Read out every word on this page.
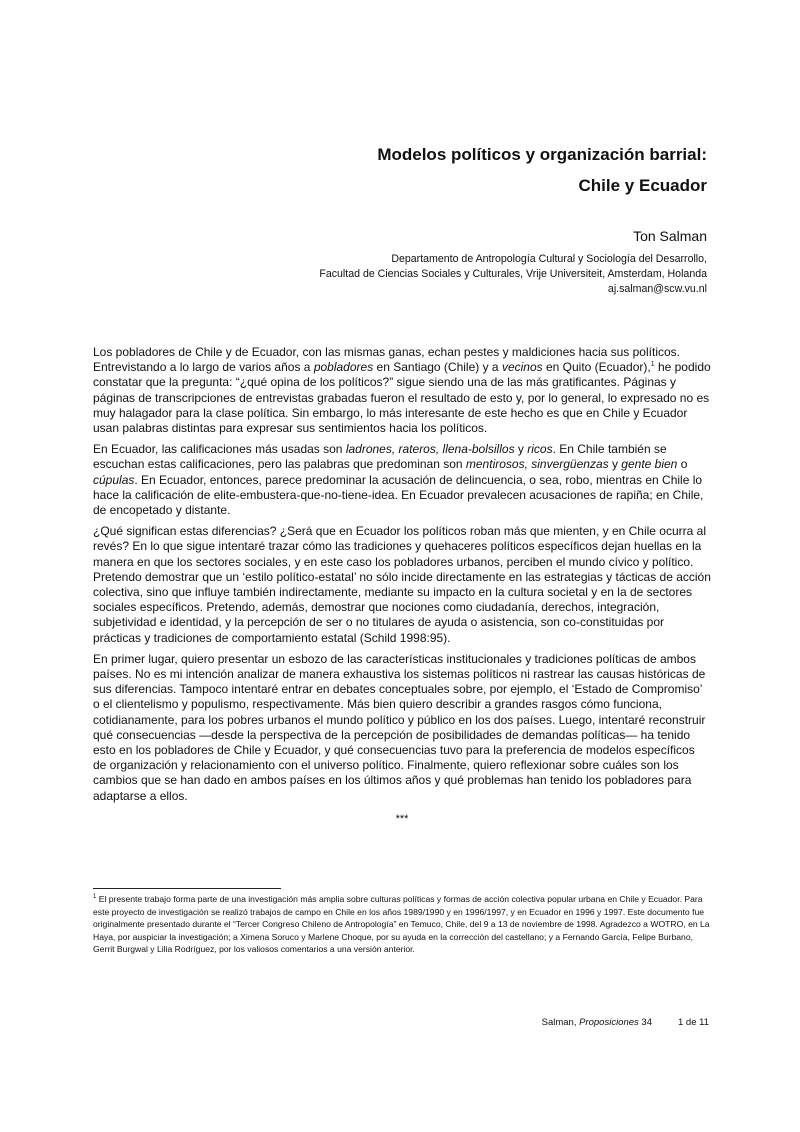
Modelos políticos y organización barrial:
Chile y Ecuador
Ton Salman
Departamento de Antropología Cultural y Sociología del Desarrollo,
Facultad de Ciencias Sociales y Culturales, Vrije Universiteit, Amsterdam, Holanda
aj.salman@scw.vu.nl

Los pobladores de Chile y de Ecuador, con las mismas ganas, echan pestes y maldiciones hacia sus políticos. Entrevistando a lo largo de varios años a pobladores en Santiago (Chile) y a vecinos en Quito (Ecuador),$^1$ he podido constatar que la pregunta: “¿qué opina de los políticos?” sigue siendo una de las más gratificantes. Páginas y páginas de transcripciones de entrevistas grabadas fueron el resultado de esto y, por lo general, lo expresado no es muy halagador para la clase política. Sin embargo, lo más interesante de este hecho es que en Chile y Ecuador usan palabras distintas para expresar sus sentimientos hacia los políticos.

En Ecuador, las calificaciones más usadas son ladrones, rateros, llena-bolsillos y ricos. En Chile también se escuchan estas calificaciones, pero las palabras que predominan son mentirosos, sinvergüenzas y gente bien o cúpulas. En Ecuador, entonces, parece predominar la acusación de delincuencia, o sea, robo, mientras en Chile lo hace la calificación de elite-embustera-que-no-tiene-idea. En Ecuador prevalecen acusaciones de rapiña; en Chile, de encopetado y distante.

¿Qué significan estas diferencias? ¿Será que en Ecuador los políticos roban más que mienten, y en Chile ocurra al revés? En lo que sigue intentaré trazar cómo las tradiciones y quehaceres políticos específicos dejan huellas en la manera en que los sectores sociales, y en este caso los pobladores urbanos, perciben el mundo cívico y político. Pretendo demostrar que un ‘estilo político-estatal’ no sólo incide directamente en las estrategias y tácticas de acción colectiva, sino que influye también indirectamente, mediante su impacto en la cultura societal y en la de sectores sociales específicos. Pretendo, además, demostrar que nociones como ciudadanía, derechos, integración, subjetividad e identidad, y la percepción de ser o no titulares de ayuda o asistencia, son co-constituidas por prácticas y tradiciones de comportamiento estatal (Schild 1998:95).

En primer lugar, quiero presentar un esbozo de las características institucionales y tradiciones políticas de ambos países. No es mi intención analizar de manera exhaustiva los sistemas políticos ni rastrear las causas históricas de sus diferencias. Tampoco intentaré entrar en debates conceptuales sobre, por ejemplo, el ‘Estado de Compromiso’ o el clientelismo y populismo, respectivamente. Más bien quiero describir a grandes rasgos cómo funciona, cotidianamente, para los pobres urbanos el mundo político y público en los dos países. Luego, intentaré reconstruir qué consecuencias —desde la perspectiva de la percepción de posibilidades de demandas políticas— ha tenido esto en los pobladores de Chile y Ecuador, y qué consecuencias tuvo para la preferencia de modelos específicos de organización y relacionamiento con el universo político. Finalmente, quiero reflexionar sobre cuáles son los cambios que se han dado en ambos países en los últimos años y qué problemas han tenido los pobladores para adaptarse a ellos.

***
$^1$ El presente trabajo forma parte de una investigación más amplia sobre culturas políticas y formas de acción colectiva popular urbana en Chile y Ecuador. Para este proyecto de investigación se realizó trabajos de campo en Chile en los años 1989/1990 y en 1996/1997, y en Ecuador en 1996 y 1997. Este documento fue originalmente presentado durante el “Tercer Congreso Chileno de Antropología” en Temuco, Chile, del 9 a 13 de noviembre de 1998. Agradezco a WOTRO, en La Haya, por auspiciar la investigación; a Ximena Soruco y Marlene Choque, por su ayuda en la corrección del castellano; y a Fernando García, Felipe Burbano, Gerrit Burgwal y Lilia Rodríguez, por los valiosos comentarios a una versión anterior.
Salman, Proposiciones 34	1 de 11
